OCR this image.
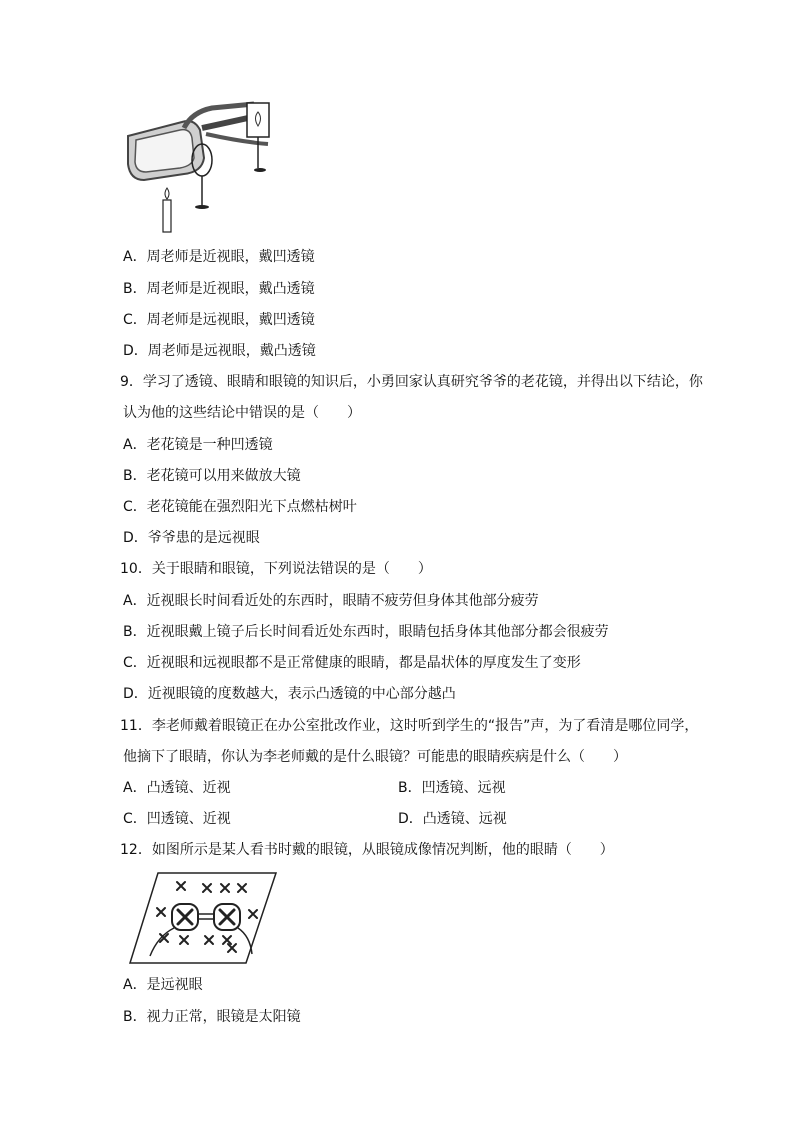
A．周老师是近视眼，戴凹透镜
B．周老师是近视眼，戴凸透镜
C．周老师是远视眼，戴凹透镜
D．周老师是远视眼，戴凸透镜
9．学习了透镜、眼睛和眼镜的知识后，小勇回家认真研究爷爷的老花镜，并得出以下结论，你
认为他的这些结论中错误的是（　　）
A．老花镜是一种凹透镜
B．老花镜可以用来做放大镜
C．老花镜能在强烈阳光下点燃枯树叶
D．爷爷患的是远视眼
10．关于眼睛和眼镜，下列说法错误的是（　　）
A．近视眼长时间看近处的东西时，眼睛不疲劳但身体其他部分疲劳
B．近视眼戴上镜子后长时间看近处东西时，眼睛包括身体其他部分都会很疲劳
C．近视眼和远视眼都不是正常健康的眼睛，都是晶状体的厚度发生了变形
D．近视眼镜的度数越大，表示凸透镜的中心部分越凸
11．李老师戴着眼镜正在办公室批改作业，这时听到学生的“报告”声，为了看清是哪位同学，
他摘下了眼睛，你认为李老师戴的是什么眼镜？可能患的眼睛疾病是什么（　　）
A．凸透镜、近视	B．凹透镜、远视
C．凹透镜、近视	D．凸透镜、远视
12．如图所示是某人看书时戴的眼镜，从眼镜成像情况判断，他的眼睛（　　）
A．是远视眼
B．视力正常，眼镜是太阳镜
